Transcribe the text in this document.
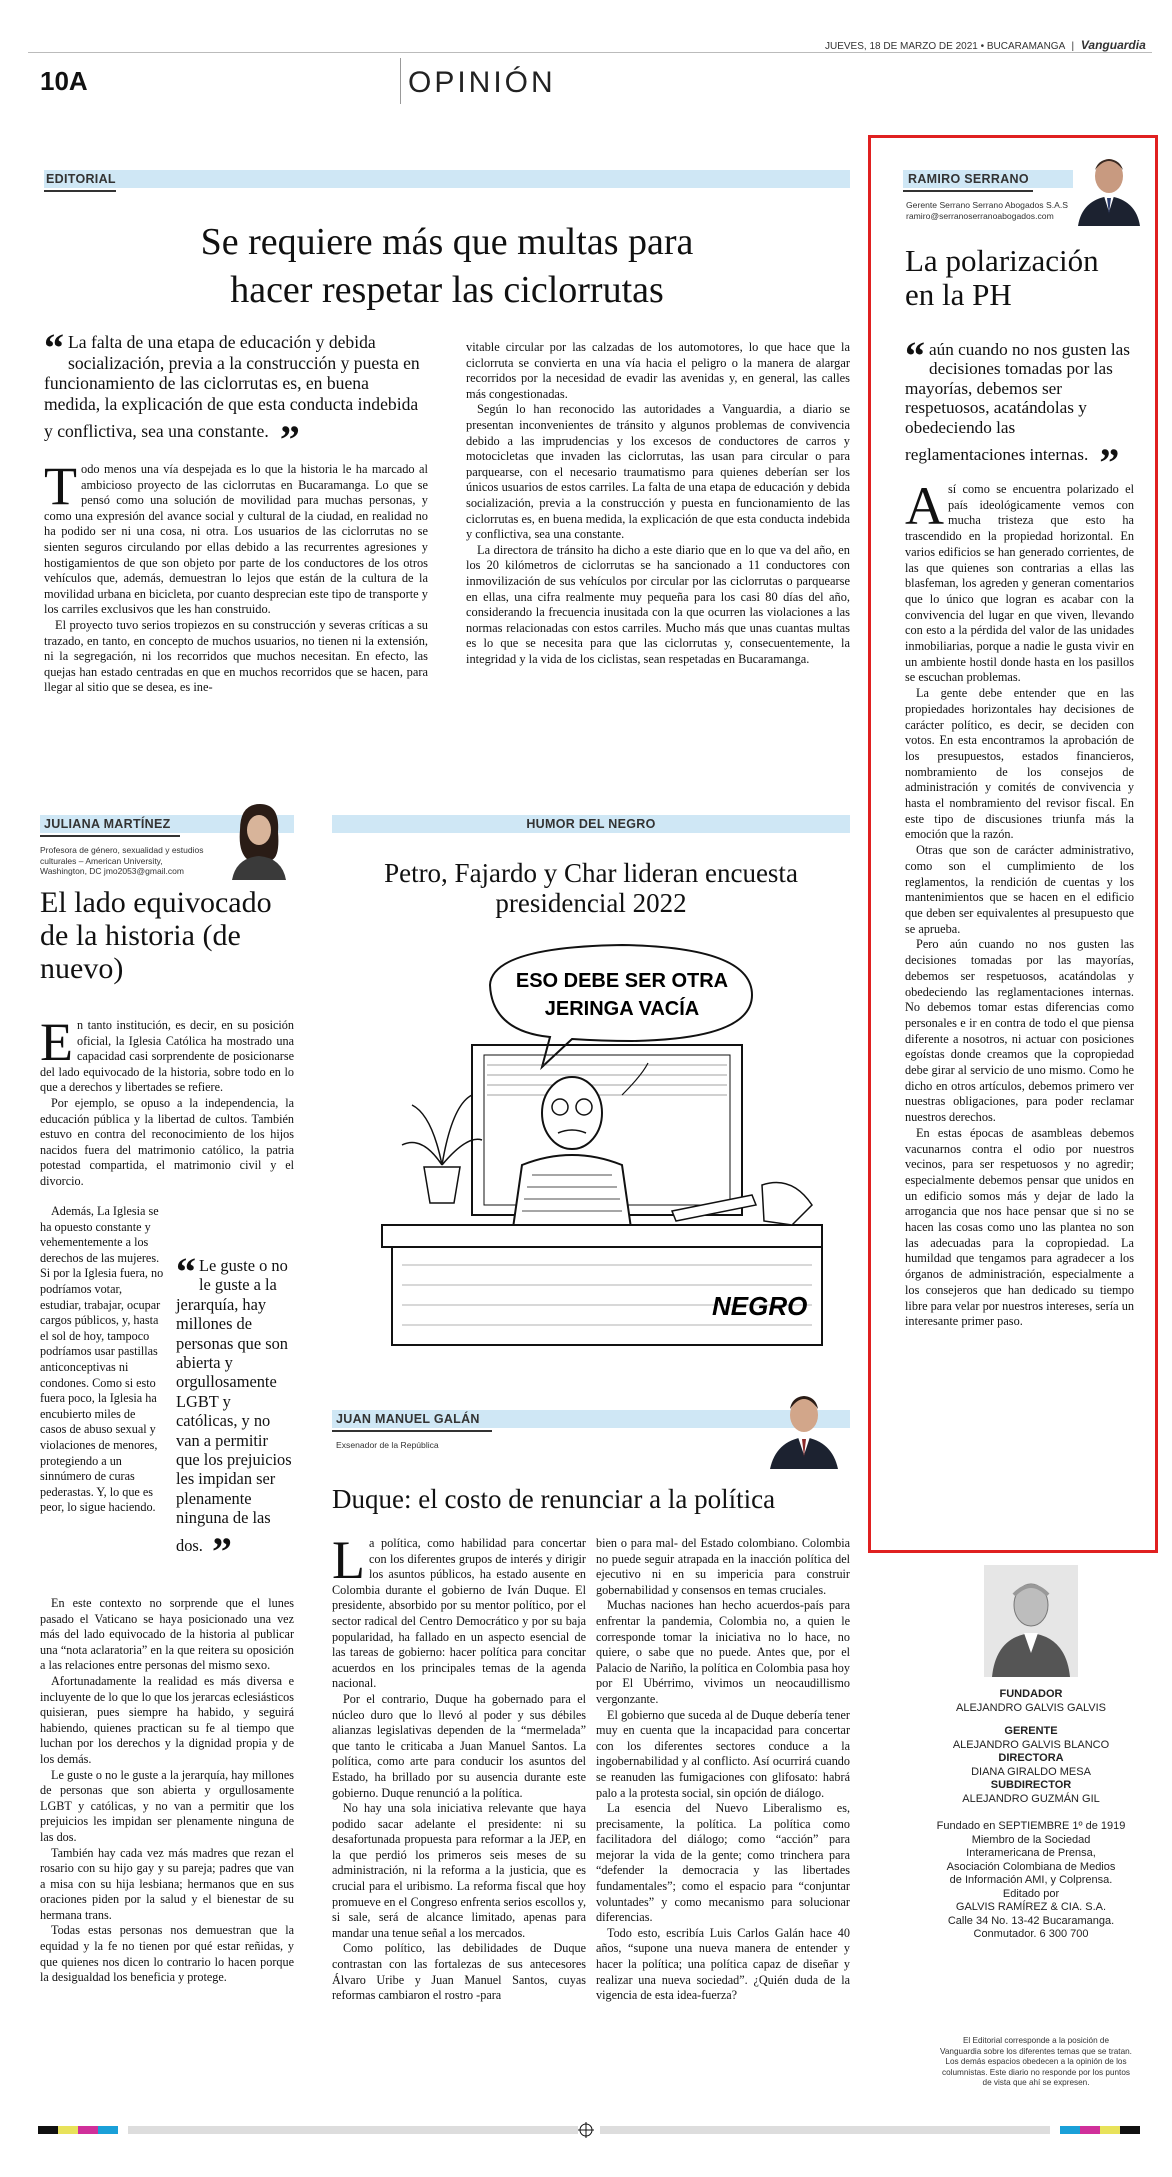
JUEVES, 18 DE MARZO DE 2021 • BUCARAMANGA | Vanguardia
10A	OPINIÓN
EDITORIAL
Se requiere más que multas para
hacer respetar las ciclorrutas
“ La falta de una etapa de educación y debida socialización, previa a la construcción y puesta en funcionamiento de las ciclorrutas es, en buena medida, la explicación de que esta conducta indebida y conflictiva, sea una constante. ”
T odo menos una vía despejada es lo que la historia le ha marcado al ambicioso proyecto de las ciclorrutas en Bucaramanga. Lo que se pensó como una solución de movilidad para muchas personas, y como una expresión del avance social y cultural de la ciudad, en realidad no ha podido ser ni una cosa, ni otra. Los usuarios de las ciclorrutas no se sienten seguros circulando por ellas debido a las recurrentes agresiones y hostigamientos de que son objeto por parte de los conductores de los otros vehículos que, además, demuestran lo lejos que están de la cultura de la movilidad urbana en bicicleta, por cuanto desprecian este tipo de transporte y los carriles exclusivos que les han construido.

El proyecto tuvo serios tropiezos en su construcción y severas críticas a su trazado, en tanto, en concepto de muchos usuarios, no tienen ni la extensión, ni la segregación, ni los recorridos que muchos necesitan. En efecto, las quejas han estado centradas en que en muchos recorridos que se hacen, para llegar al sitio que se desea, es ine-

vitable circular por las calzadas de los automotores, lo que hace que la ciclorruta se convierta en una vía hacia el peligro o la manera de alargar recorridos por la necesidad de evadir las avenidas y, en general, las calles más congestionadas.

Según lo han reconocido las autoridades a Vanguardia, a diario se presentan inconvenientes de tránsito y algunos problemas de convivencia debido a las imprudencias y los excesos de conductores de carros y motocicletas que invaden las ciclorrutas, las usan para circular o para parquearse, con el necesario traumatismo para quienes deberían ser los únicos usuarios de estos carriles. La falta de una etapa de educación y debida socialización, previa a la construcción y puesta en funcionamiento de las ciclorrutas es, en buena medida, la explicación de que esta conducta indebida y conflictiva, sea una constante.

La directora de tránsito ha dicho a este diario que en lo que va del año, en los 20 kilómetros de ciclorrutas se ha sancionado a 11 conductores con inmovilización de sus vehículos por circular por las ciclorrutas o parquearse en ellas, una cifra realmente muy pequeña para los casi 80 días del año, considerando la frecuencia inusitada con la que ocurren las violaciones a las normas relacionadas con estos carriles. Mucho más que unas cuantas multas es lo que se necesita para que las ciclorrutas y, consecuentemente, la integridad y la vida de los ciclistas, sean respetadas en Bucaramanga.

RAMIRO SERRANO
Gerente Serrano Serrano Abogados S.A.S
ramiro@serranoserranoabogados.com
La polarización
en la PH
“ aún cuando no nos gusten las decisiones tomadas por las mayorías, debemos ser respetuosos, acatándolas y obedeciendo las reglamentaciones internas. ”
A sí como se encuentra polarizado el país ideológicamente vemos con mucha tristeza que esto ha trascendido en la propiedad horizontal. En varios edificios se han generado corrientes, de las que quienes son contrarias a ellas las blasfeman, los agreden y generan comentarios que lo único que logran es acabar con la convivencia del lugar en que viven, llevando con esto a la pérdida del valor de las unidades inmobiliarias, porque a nadie le gusta vivir en un ambiente hostil donde hasta en los pasillos se escuchan problemas.

La gente debe entender que en las propiedades horizontales hay decisiones de carácter político, es decir, se deciden con votos. En esta encontramos la aprobación de los presupuestos, estados financieros, nombramiento de los consejos de administración y comités de convivencia y hasta el nombramiento del revisor fiscal. En este tipo de discusiones triunfa más la emoción que la razón.

Otras que son de carácter administrativo, como son el cumplimiento de los reglamentos, la rendición de cuentas y los mantenimientos que se hacen en el edificio que deben ser equivalentes al presupuesto que se aprueba.

Pero aún cuando no nos gusten las decisiones tomadas por las mayorías, debemos ser respetuosos, acatándolas y obedeciendo las reglamentaciones internas. No debemos tomar estas diferencias como personales e ir en contra de todo el que piensa diferente a nosotros, ni actuar con posiciones egoístas donde creamos que la copropiedad debe girar al servicio de uno mismo. Como he dicho en otros artículos, debemos primero ver nuestras obligaciones, para poder reclamar nuestros derechos.

En estas épocas de asambleas debemos vacunarnos contra el odio por nuestros vecinos, para ser respetuosos y no agredir; especialmente debemos pensar que unidos en un edificio somos más y dejar de lado la arrogancia que nos hace pensar que si no se hacen las cosas como uno las plantea no son las adecuadas para la copropiedad. La humildad que tengamos para agradecer a los órganos de administración, especialmente a los consejeros que han dedicado su tiempo libre para velar por nuestros intereses, sería un interesante primer paso.

JULIANA MARTÍNEZ
Profesora de género, sexualidad y estudios
culturales – American University,
Washington, DC jmo2053@gmail.com
El lado equivocado
de la historia (de
nuevo)
E n tanto institución, es decir, en su posición oficial, la Iglesia Católica ha mostrado una capacidad casi sorprendente de posicionarse del lado equivocado de la historia, sobre todo en lo que a derechos y libertades se refiere.

Por ejemplo, se opuso a la independencia, la educación pública y la libertad de cultos. También estuvo en contra del reconocimiento de los hijos nacidos fuera del matrimonio católico, la patria potestad compartida, el matrimonio civil y el divorcio.

Además, La Iglesia se ha opuesto constante y vehementemente a los derechos de las mujeres. Si por la Iglesia fuera, no podríamos votar, estudiar, trabajar, ocupar cargos públicos, y, hasta el sol de hoy, tampoco podríamos usar pastillas anticonceptivas ni condones. Como si esto fuera poco, la Iglesia ha encubierto miles de casos de abuso sexual y violaciones de menores, protegiendo a un sinnúmero de curas pederastas. Y, lo que es peor, lo sigue haciendo.

“ Le guste o no le guste a la jerarquía, hay millones de personas que son abierta y orgullosamente LGBT y católicas, y no van a permitir que los prejuicios les impidan ser plenamente ninguna de las dos. ”

En este contexto no sorprende que el lunes pasado el Vaticano se haya posicionado una vez más del lado equivocado de la historia al publicar una “nota aclaratoria” en la que reitera su oposición a las relaciones entre personas del mismo sexo.

Afortunadamente la realidad es más diversa e incluyente de lo que lo que los jerarcas eclesiásticos quisieran, pues siempre ha habido, y seguirá habiendo, quienes practican su fe al tiempo que luchan por los derechos y la dignidad propia y de los demás.

Le guste o no le guste a la jerarquía, hay millones de personas que son abierta y orgullosamente LGBT y católicas, y no van a permitir que los prejuicios les impidan ser plenamente ninguna de las dos.

También hay cada vez más madres que rezan el rosario con su hijo gay y su pareja; padres que van a misa con su hija lesbiana; hermanos que en sus oraciones piden por la salud y el bienestar de su hermana trans.

Todas estas personas nos demuestran que la equidad y la fe no tienen por qué estar reñidas, y que quienes nos dicen lo contrario lo hacen porque la desigualdad los beneficia y protege.

HUMOR DEL NEGRO
Petro, Fajardo y Char lideran encuesta
presidencial 2022
ESO DEBE SER OTRA
JERINGA VACÍA
NEGRO
JUAN MANUEL GALÁN
Exsenador de la República
Duque: el costo de renunciar a la política
L a política, como habilidad para concertar con los diferentes grupos de interés y dirigir los asuntos públicos, ha estado ausente en Colombia durante el gobierno de Iván Duque. El presidente, absorbido por su mentor político, por el sector radical del Centro Democrático y por su baja popularidad, ha fallado en un aspecto esencial de las tareas de gobierno: hacer política para concitar acuerdos en los principales temas de la agenda nacional.

Por el contrario, Duque ha gobernado para el núcleo duro que lo llevó al poder y sus débiles alianzas legislativas dependen de la “mermelada” que tanto le criticaba a Juan Manuel Santos. La política, como arte para conducir los asuntos del Estado, ha brillado por su ausencia durante este gobierno. Duque renunció a la política.

No hay una sola iniciativa relevante que haya podido sacar adelante el presidente: ni su desafortunada propuesta para reformar a la JEP, en la que perdió los primeros seis meses de su administración, ni la reforma a la justicia, que es crucial para el uribismo. La reforma fiscal que hoy promueve en el Congreso enfrenta serios escollos y, si sale, será de alcance limitado, apenas para mandar una tenue señal a los mercados.

Como político, las debilidades de Duque contrastan con las fortalezas de sus antecesores Álvaro Uribe y Juan Manuel Santos, cuyas reformas cambiaron el rostro -para

bien o para mal- del Estado colombiano. Colombia no puede seguir atrapada en la inacción política del ejecutivo ni en su impericia para construir gobernabilidad y consensos en temas cruciales.

Muchas naciones han hecho acuerdos-país para enfrentar la pandemia, Colombia no, a quien le corresponde tomar la iniciativa no lo hace, no quiere, o sabe que no puede. Antes que, por el Palacio de Nariño, la política en Colombia pasa hoy por El Ubérrimo, vivimos un neocaudillismo vergonzante.

El gobierno que suceda al de Duque debería tener muy en cuenta que la incapacidad para concertar con los diferentes sectores conduce a la ingobernabilidad y al conflicto. Así ocurrirá cuando se reanuden las fumigaciones con glifosato: habrá palo a la protesta social, sin opción de diálogo.

La esencia del Nuevo Liberalismo es, precisamente, la política. La política como facilitadora del diálogo; como “acción” para mejorar la vida de la gente; como trinchera para “defender la democracia y las libertades fundamentales”; como el espacio para “conjuntar voluntades” y como mecanismo para solucionar diferencias.

Todo esto, escribía Luis Carlos Galán hace 40 años, “supone una nueva manera de entender y hacer la política; una política capaz de diseñar y realizar una nueva sociedad”. ¿Quién duda de la vigencia de esta idea-fuerza?

FUNDADOR
ALEJANDRO GALVIS GALVIS
GERENTE
ALEJANDRO GALVIS BLANCO
DIRECTORA
DIANA GIRALDO MESA
SUBDIRECTOR
ALEJANDRO GUZMÁN GIL
Fundado en SEPTIEMBRE 1º de 1919
Miembro de la Sociedad
Interamericana de Prensa,
Asociación Colombiana de Medios
de Información AMI, y Colprensa.
Editado por
GALVIS RAMÍREZ & CIA. S.A.
Calle 34 No. 13-42 Bucaramanga.
Conmutador. 6 300 700
El Editorial corresponde a la posición de
Vanguardia sobre los diferentes temas que se tratan.
Los demás espacios obedecen a la opinión de los
columnistas. Este diario no responde por los puntos
de vista que ahí se expresen.
